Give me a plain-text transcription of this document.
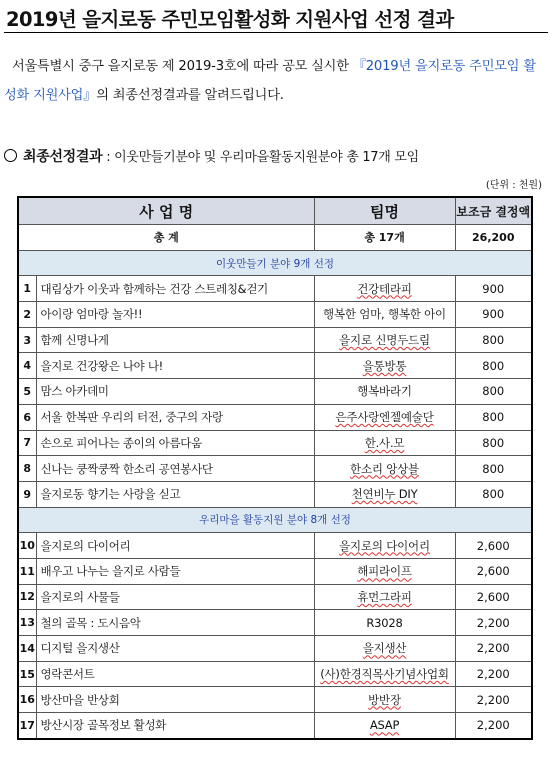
2019년 을지로동 주민모임활성화 지원사업 선정 결과
서울특별시 중구 을지로동 제 2019-3호에 따라 공모 실시한 『2019년 을지로동 주민모임 활성화 지원사업』의 최종선정결과를 알려드립니다.
최종선정결과 : 이웃만들기분야 및 우리마을활동지원분야 총 17개 모임
(단위 : 천원)
사 업 명		팀명	보조금 결정액
총 계		총 17개	26,200
이웃만들기 분야 9개 선정			
1	대림상가 이웃과 함께하는 건강 스트레칭&걷기	건강테라피	900
2	아이랑 엄마랑 놀자!!	행복한 엄마, 행복한 아이	900
3	함께 신명나게	을지로 신명두드림	800
4	을지로 건강왕은 나야 나!	을통방통	800
5	맘스 아카데미	행복바라기	800
6	서울 한복판 우리의 터전, 중구의 자랑	은주사랑엔젤예술단	800
7	손으로 피어나는 종이의 아름다움	한.사.모	800
8	신나는 쿵짝쿵짝 한소리 공연봉사단	한소리 앙상블	800
9	을지로동 향기는 사랑을 싣고	천연비누 DIY	800
우리마을 활동지원 분야 8개 선정			
10	을지로의 다이어리	을지로의 다이어리	2,600
11	배우고 나누는 을지로 사람들	해피라이프	2,600
12	을지로의 사물들	휴먼그라피	2,600
13	철의 골목 : 도시음악	R3028	2,200
14	디지털 을지생산	을지생산	2,200
15	영락콘서트	(사)한경직목사기념사업회	2,200
16	방산마을 반상회	방반장	2,200
17	방산시장 골목정보 활성화	ASAP	2,200
